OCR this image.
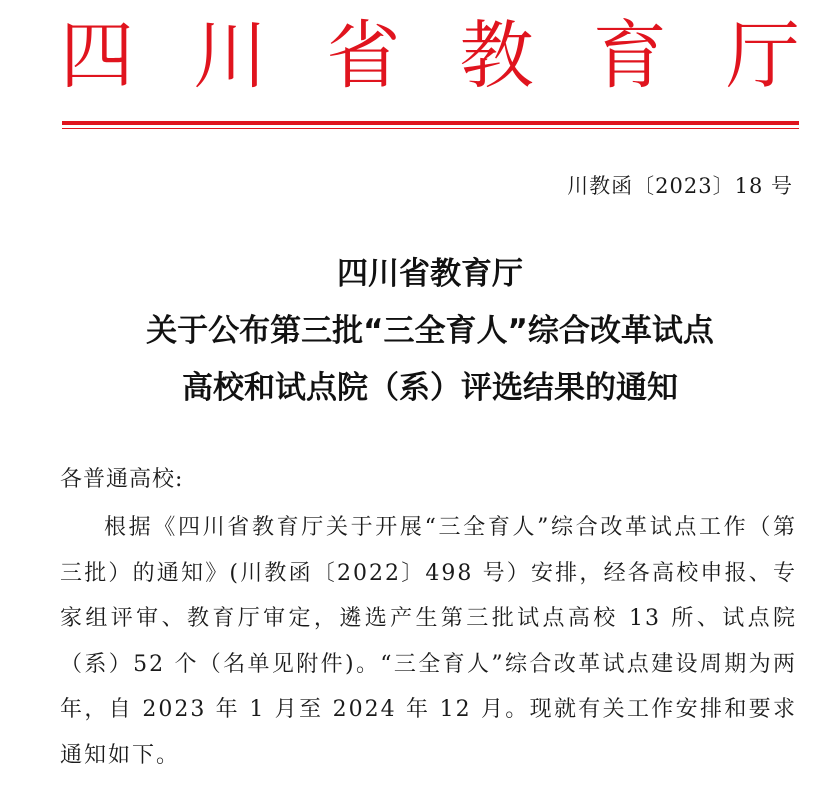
四 川 省 教 育 厅
川教函〔2023〕18 号
四川省教育厅
关于公布第三批“三全育人”综合改革试点
高校和试点院（系）评选结果的通知
各普通高校:

根据《四川省教育厅关于开展“三全育人”综合改革试点工作（第三批）的通知》(川教函〔2022〕498 号）安排，经各高校申报、专家组评审、教育厅审定，遴选产生第三批试点高校 13 所、试点院（系）52 个（名单见附件)。“三全育人”综合改革试点建设周期为两年，自 2023 年 1 月至 2024 年 12 月。现就有关工作安排和要求通知如下。
